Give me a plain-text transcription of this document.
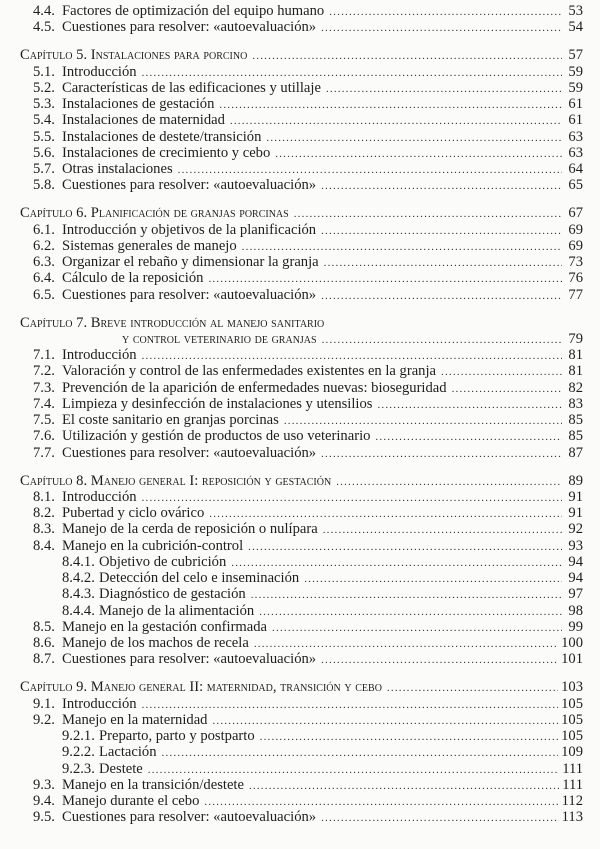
4.4. Factores de optimización del equipo humano .....	53
4.5. Cuestiones para resolver: «autoevaluación» .....	54
Capítulo 5. Instalaciones para porcino .....	57
5.1. Introducción .....	59
5.2. Características de las edificaciones y utillaje .....	59
5.3. Instalaciones de gestación .....	61
5.4. Instalaciones de maternidad .....	61
5.5. Instalaciones de destete/transición .....	63
5.6. Instalaciones de crecimiento y cebo .....	63
5.7. Otras instalaciones .....	64
5.8. Cuestiones para resolver: «autoevaluación» .....	65
Capítulo 6. Planificación de granjas porcinas .....	67
6.1. Introducción y objetivos de la planificación .....	69
6.2. Sistemas generales de manejo .....	69
6.3. Organizar el rebaño y dimensionar la granja .....	73
6.4. Cálculo de la reposición .....	76
6.5. Cuestiones para resolver: «autoevaluación» .....	77
Capítulo 7. Breve introducción al manejo sanitario
y control veterinario de granjas .....	79
7.1. Introducción .....	81
7.2. Valoración y control de las enfermedades existentes en la granja .....	81
7.3. Prevención de la aparición de enfermedades nuevas: bioseguridad .....	82
7.4. Limpieza y desinfección de instalaciones y utensilios .....	83
7.5. El coste sanitario en granjas porcinas .....	85
7.6. Utilización y gestión de productos de uso veterinario .....	85
7.7. Cuestiones para resolver: «autoevaluación» .....	87
Capítulo 8. Manejo general I: reposición y gestación .....	89
8.1. Introducción .....	91
8.2. Pubertad y ciclo ovárico .....	91
8.3. Manejo de la cerda de reposición o nulípara .....	92
8.4. Manejo en la cubrición-control .....	93
8.4.1. Objetivo de cubrición .....	94
8.4.2. Detección del celo e inseminación .....	94
8.4.3. Diagnóstico de gestación .....	97
8.4.4. Manejo de la alimentación .....	98
8.5. Manejo en la gestación confirmada .....	99
8.6. Manejo de los machos de recela .....	100
8.7. Cuestiones para resolver: «autoevaluación» .....	101
Capítulo 9. Manejo general II: maternidad, transición y cebo .....	103
9.1. Introducción .....	105
9.2. Manejo en la maternidad .....	105
9.2.1. Preparto, parto y postparto .....	105
9.2.2. Lactación .....	109
9.2.3. Destete .....	111
9.3. Manejo en la transición/destete .....	111
9.4. Manejo durante el cebo .....	112
9.5. Cuestiones para resolver: «autoevaluación» .....	113
